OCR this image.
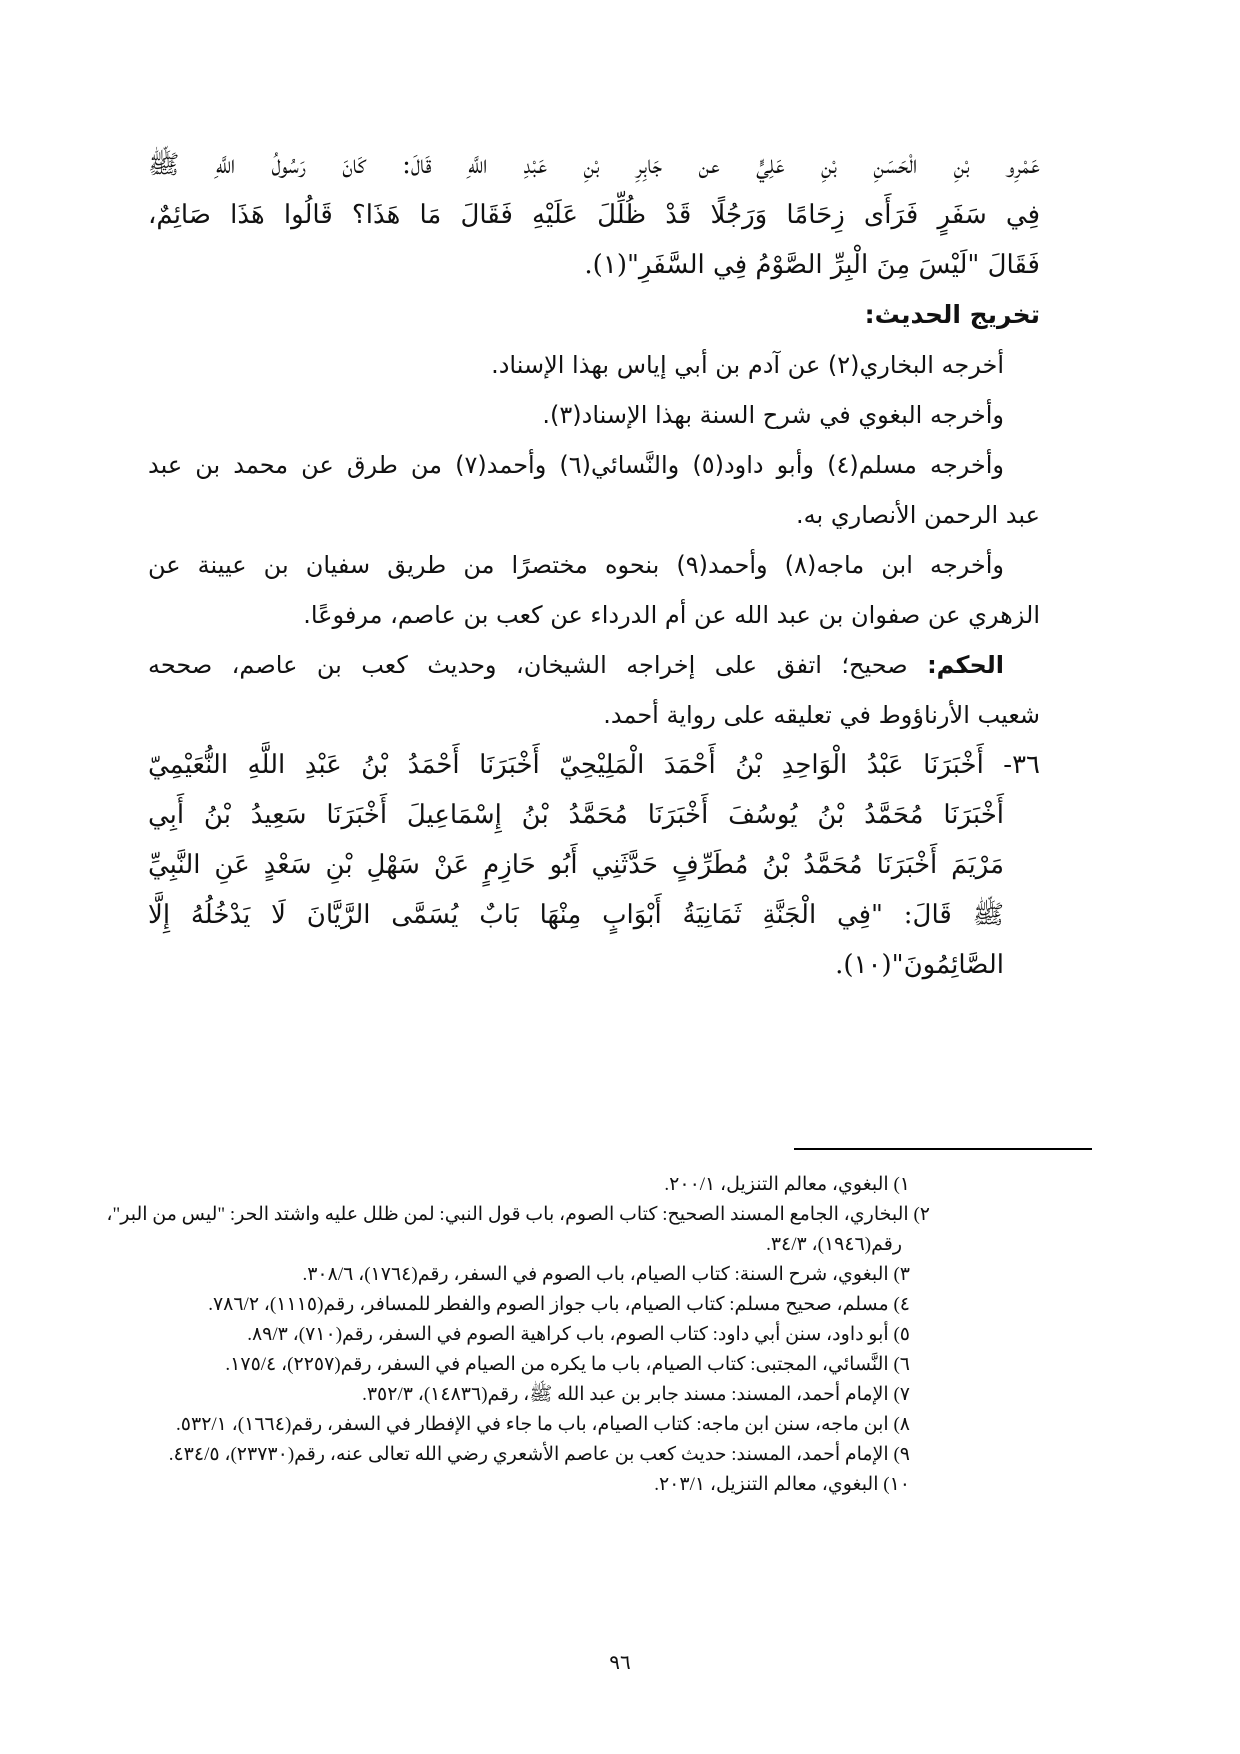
عَمْرِو بْنِ الْحَسَنِ بْنِ عَلِيٍّ عن جَابِرِ بْنِ عَبْدِ اللَّهِ قَالَ: كَانَ رَسُولُ اللَّهِ ﷺ

فِي سَفَرٍ فَرَأَى زِحَامًا وَرَجُلًا قَدْ ظُلِّلَ عَلَيْهِ فَقَالَ مَا هَذَا؟ قَالُوا هَذَا صَائِمٌ،

فَقَالَ "لَيْسَ مِنَ الْبِرِّ الصَّوْمُ فِي السَّفَرِ"(١).

تخريج الحديث:

أخرجه البخاري(٢) عن آدم بن أبي إياس بهذا الإسناد.

وأخرجه البغوي في شرح السنة بهذا الإسناد(٣).

وأخرجه مسلم(٤) وأبو داود(٥) والنَّسائي(٦) وأحمد(٧) من طرق عن محمد بن عبد

عبد الرحمن الأنصاري به.

وأخرجه ابن ماجه(٨) وأحمد(٩) بنحوه مختصرًا من طريق سفيان بن عيينة عن

الزهري عن صفوان بن عبد الله عن أم الدرداء عن كعب بن عاصم، مرفوعًا.

الحكم: صحيح؛ اتفق على إخراجه الشيخان، وحديث كعب بن عاصم، صححه

شعيب الأرناؤوط في تعليقه على رواية أحمد.

٣٦- أَخْبَرَنَا عَبْدُ الْوَاحِدِ بْنُ أَحْمَدَ الْمَلِيْحِيّ أَخْبَرَنَا أَحْمَدُ بْنُ عَبْدِ اللَّهِ النُّعَيْمِيّ

أَخْبَرَنَا مُحَمَّدُ بْنُ يُوسُفَ أَخْبَرَنَا مُحَمَّدُ بْنُ إِسْمَاعِيلَ أَخْبَرَنَا سَعِيدُ بْنُ أَبِي

مَرْيَمَ أَخْبَرَنَا مُحَمَّدُ بْنُ مُطَرِّفٍ حَدَّثَنِي أَبُو حَازِمٍ عَنْ سَهْلِ بْنِ سَعْدٍ عَنِ النَّبِيِّ

ﷺ قَالَ: "فِي الْجَنَّةِ ثَمَانِيَةُ أَبْوَابٍ مِنْهَا بَابٌ يُسَمَّى الرَّيَّانَ لَا يَدْخُلُهُ إِلَّا

الصَّائِمُونَ"(١٠).

١) البغوي، معالم التنزيل، ٢٠٠/١.

٢) البخاري، الجامع المسند الصحيح: كتاب الصوم، باب قول النبي: لمن ظلل عليه واشتد الحر: "ليس من البر"،

رقم(١٩٤٦)، ٣٤/٣.

٣) البغوي، شرح السنة: كتاب الصيام، باب الصوم في السفر، رقم(١٧٦٤)، ٣٠٨/٦.

٤) مسلم، صحيح مسلم: كتاب الصيام، باب جواز الصوم والفطر للمسافر، رقم(١١١٥)، ٧٨٦/٢.

٥) أبو داود، سنن أبي داود: كتاب الصوم، باب كراهية الصوم في السفر، رقم(٧١٠)، ٨٩/٣.

٦) النَّسائي، المجتبى: كتاب الصيام، باب ما يكره من الصيام في السفر، رقم(٢٢٥٧)، ١٧٥/٤.

٧) الإمام أحمد، المسند: مسند جابر بن عبد الله ﷺ، رقم(١٤٨٣٦)، ٣٥٢/٣.

٨) ابن ماجه، سنن ابن ماجه: كتاب الصيام، باب ما جاء في الإفطار في السفر، رقم(١٦٦٤)، ٥٣٢/١.

٩) الإمام أحمد، المسند: حديث كعب بن عاصم الأشعري رضي الله تعالى عنه، رقم(٢٣٧٣٠)، ٤٣٤/٥.

١٠) البغوي، معالم التنزيل، ٢٠٣/١.

٩٦
